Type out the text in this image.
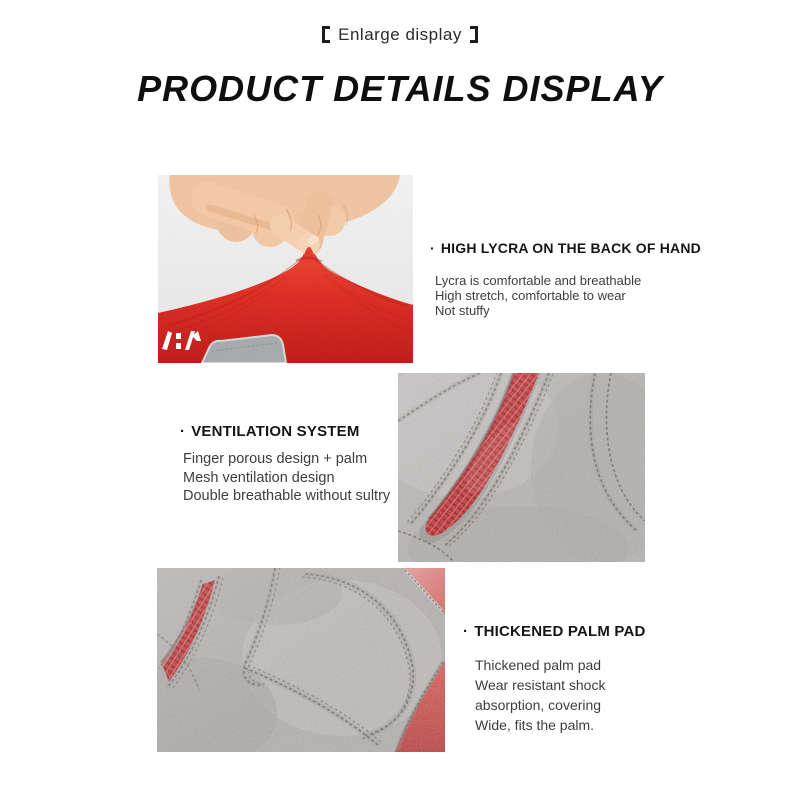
Enlarge display
PRODUCT DETAILS DISPLAY
· HIGH LYCRA ON THE BACK OF HAND

Lycra is comfortable and breathable

High stretch, comfortable to wear

Not stuffy

· VENTILATION SYSTEM

Finger porous design + palm

Mesh ventilation design

Double breathable without sultry

· THICKENED PALM PAD

Thickened palm pad

Wear resistant shock

absorption, covering

Wide, fits the palm.
